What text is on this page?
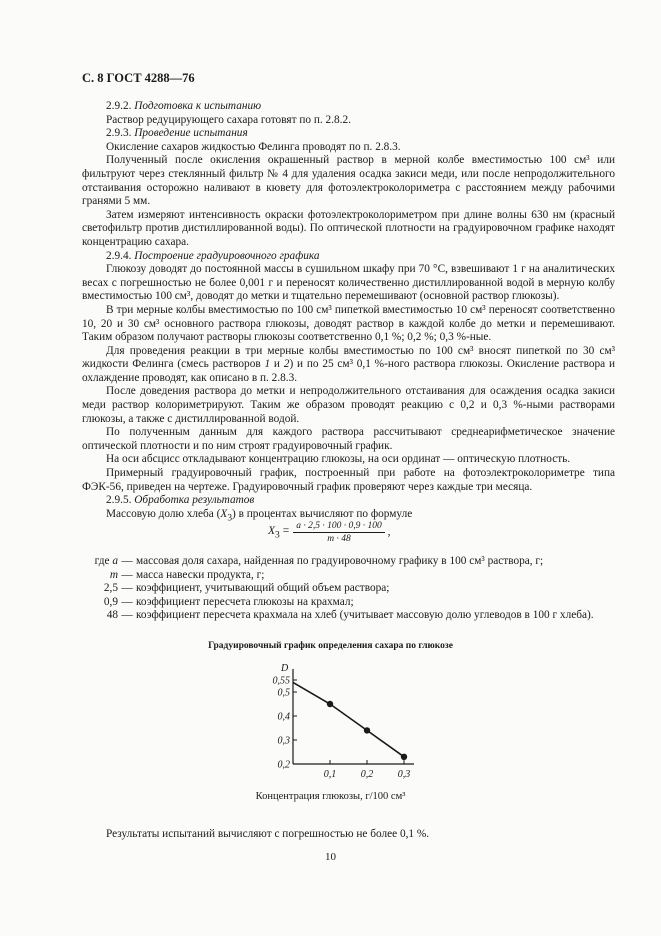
С. 8 ГОСТ 4288—76

2.9.2. Подготовка к испытанию

Раствор редуцирующего сахара готовят по п. 2.8.2.

2.9.3. Проведение испытания

Окисление сахаров жидкостью Фелинга проводят по п. 2.8.3.

Полученный после окисления окрашенный раствор в мерной колбе вместимостью 100 см³ или фильтруют через стеклянный фильтр № 4 для удаления осадка закиси меди, или после непродолжительного отстаивания осторожно наливают в кювету для фотоэлектроколориметра с расстоянием между рабочими гранями 5 мм.

Затем измеряют интенсивность окраски фотоэлектроколориметром при длине волны 630 нм (красный светофильтр против дистиллированной воды). По оптической плотности на градуировочном графике находят концентрацию сахара.

2.9.4. Построение градуировочного графика

Глюкозу доводят до постоянной массы в сушильном шкафу при 70 °С, взвешивают 1 г на аналитических весах с погрешностью не более 0,001 г и переносят количественно дистиллированной водой в мерную колбу вместимостью 100 см³, доводят до метки и тщательно перемешивают (основной раствор глюкозы).

В три мерные колбы вместимостью по 100 см³ пипеткой вместимостью 10 см³ переносят соответственно 10, 20 и 30 см³ основного раствора глюкозы, доводят раствор в каждой колбе до метки и перемешивают. Таким образом получают растворы глюкозы соответственно 0,1 %; 0,2 %; 0,3 %-ные.

Для проведения реакции в три мерные колбы вместимостью по 100 см³ вносят пипеткой по 30 см³ жидкости Фелинга (смесь растворов 1 и 2) и по 25 см³ 0,1 %-ного раствора глюкозы. Окисление раствора и охлаждение проводят, как описано в п. 2.8.3.

После доведения раствора до метки и непродолжительного отстаивания для осаждения осадка закиси меди раствор колориметрируют. Таким же образом проводят реакцию с 0,2 и 0,3 %-ными растворами глюкозы, а также с дистиллированной водой.

По полученным данным для каждого раствора рассчитывают среднеарифметическое значение оптической плотности и по ним строят градуировочный график.

На оси абсцисс откладывают концентрацию глюкозы, на оси ординат — оптическую плотность.

Примерный градуировочный график, построенный при работе на фотоэлектроколориметре типа ФЭК-56, приведен на чертеже. Градуировочный график проверяют через каждые три месяца.

2.9.5. Обработка результатов

Массовую долю хлеба $(X_3)$ в процентах вычисляют по формуле

$X_3 = \frac{a \cdot 2,5 \cdot 100 \cdot 0,9 \cdot 100}{m \cdot 48}$ ,
где a — массовая доля сахара, найденная по градуировочному графику в 100 см³ раствора, г;
m — масса навески продукта, г;
2,5 — коэффициент, учитывающий общий объем раствора;
0,9 — коэффициент пересчета глюкозы на крахмал;
48 — коэффициент пересчета крахмала на хлеб (учитывает массовую долю углеводов в 100 г хлеба).
Градуировочный график определения сахара по глюкозе
D
0,55
0,5
0,4
0,3
0,2
0,1 0,2 0,3
Концентрация глюкозы, г/100 см³
Результаты испытаний вычисляют с погрешностью не более 0,1 %.
10
